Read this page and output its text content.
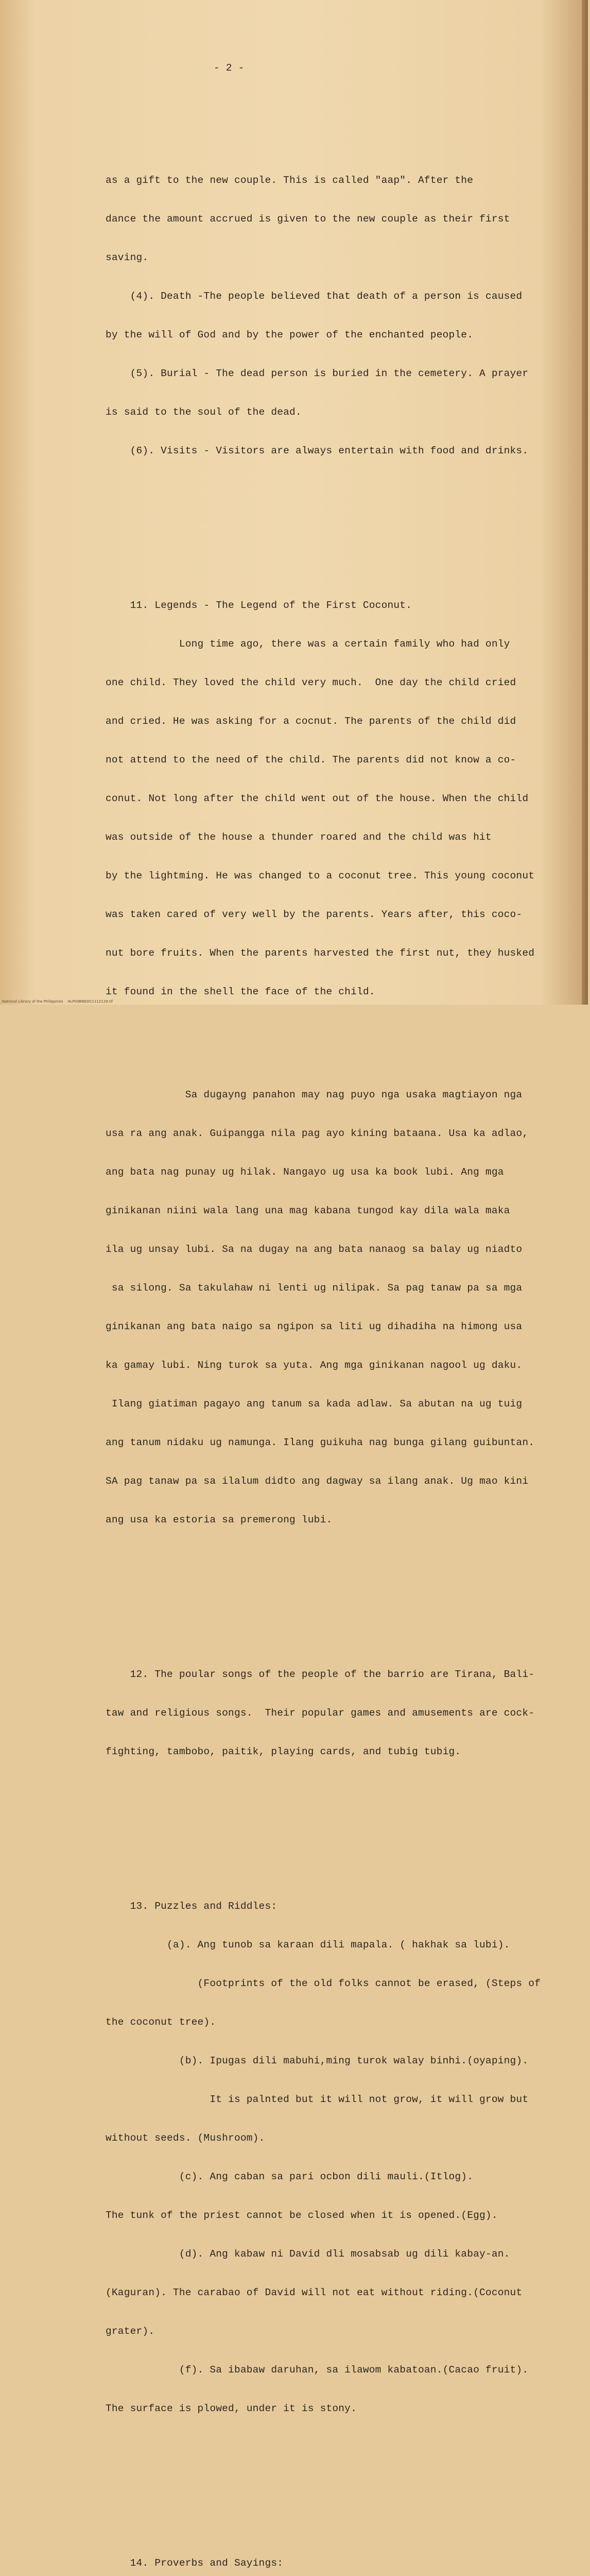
- 2 -

as a gift to the new couple. This is called "aap". After the

dance the amount accrued is given to the new couple as their first

saving.

(4). Death -The people believed that death of a person is caused

by the will of God and by the power of the enchanted people.

(5). Burial - The dead person is buried in the cemetery. A prayer

is said to the soul of the dead.

(6). Visits - Visitors are always entertain with food and drinks.

11. Legends - The Legend of the First Coconut.

Long time ago, there was a certain family who had only

one child. They loved the child very much.  One day the child cried

and cried. He was asking for a cocnut. The parents of the child did

not attend to the need of the child. The parents did not know a co-

conut. Not long after the child went out of the house. When the child

was outside of the house a thunder roared and the child was hit

by the lightming. He was changed to a coconut tree. This young coconut

was taken cared of very well by the parents. Years after, this coco-

nut bore fruits. When the parents harvested the first nut, they husked

it found in the shell the face of the child.

Sa dugayng panahon may nag puyo nga usaka magtiayon nga

usa ra ang anak. Guipangga nila pag ayo kining bataana. Usa ka adlao,

ang bata nag punay ug hilak. Nangayo ug usa ka book lubi. Ang mga

ginikanan niini wala lang una mag kabana tungod kay dila wala maka

ila ug unsay lubi. Sa na dugay na ang bata nanaog sa balay ug niadto

sa silong. Sa takulahaw ni lenti ug nilipak. Sa pag tanaw pa sa mga

ginikanan ang bata naigo sa ngipon sa liti ug dihadiha na himong usa

ka gamay lubi. Ning turok sa yuta. Ang mga ginikanan nagool ug daku.

Ilang giatiman pagayo ang tanum sa kada adlaw. Sa abutan na ug tuig

ang tanum nidaku ug namunga. Ilang guikuha nag bunga gilang guibuntan.

SA pag tanaw pa sa ilalum didto ang dagway sa ilang anak. Ug mao kini

ang usa ka estoria sa premerong lubi.

12. The poular songs of the people of the barrio are Tirana, Bali-

taw and religious songs.  Their popular games and amusements are cock-

fighting, tambobo, paitik, playing cards, and tubig tubig.

13. Puzzles and Riddles:

(a). Ang tunob sa karaan dili mapala. ( hakhak sa lubi).

(Footprints of the old folks cannot be erased, (Steps of

the coconut tree).

(b). Ipugas dili mabuhi,ming turok walay binhi.(oyaping).

It is palnted but it will not grow, it will grow but

without seeds. (Mushroom).

(c). Ang caban sa pari ocbon dili mauli.(Itlog).

The tunk of the priest cannot be closed when it is opened.(Egg).

(d). Ang kabaw ni David dli mosabsab ug dili kabay-an.

(Kaguran). The carabao of David will not eat without riding.(Coconut

grater).

(f). Sa ibabaw daruhan, sa ilawom kabatoan.(Cacao fruit).

The surface is plowed, under it is stony.

14. Proverbs and Sayings:

National Library of the Philippines    HLP00BNEDC1112129.tif
